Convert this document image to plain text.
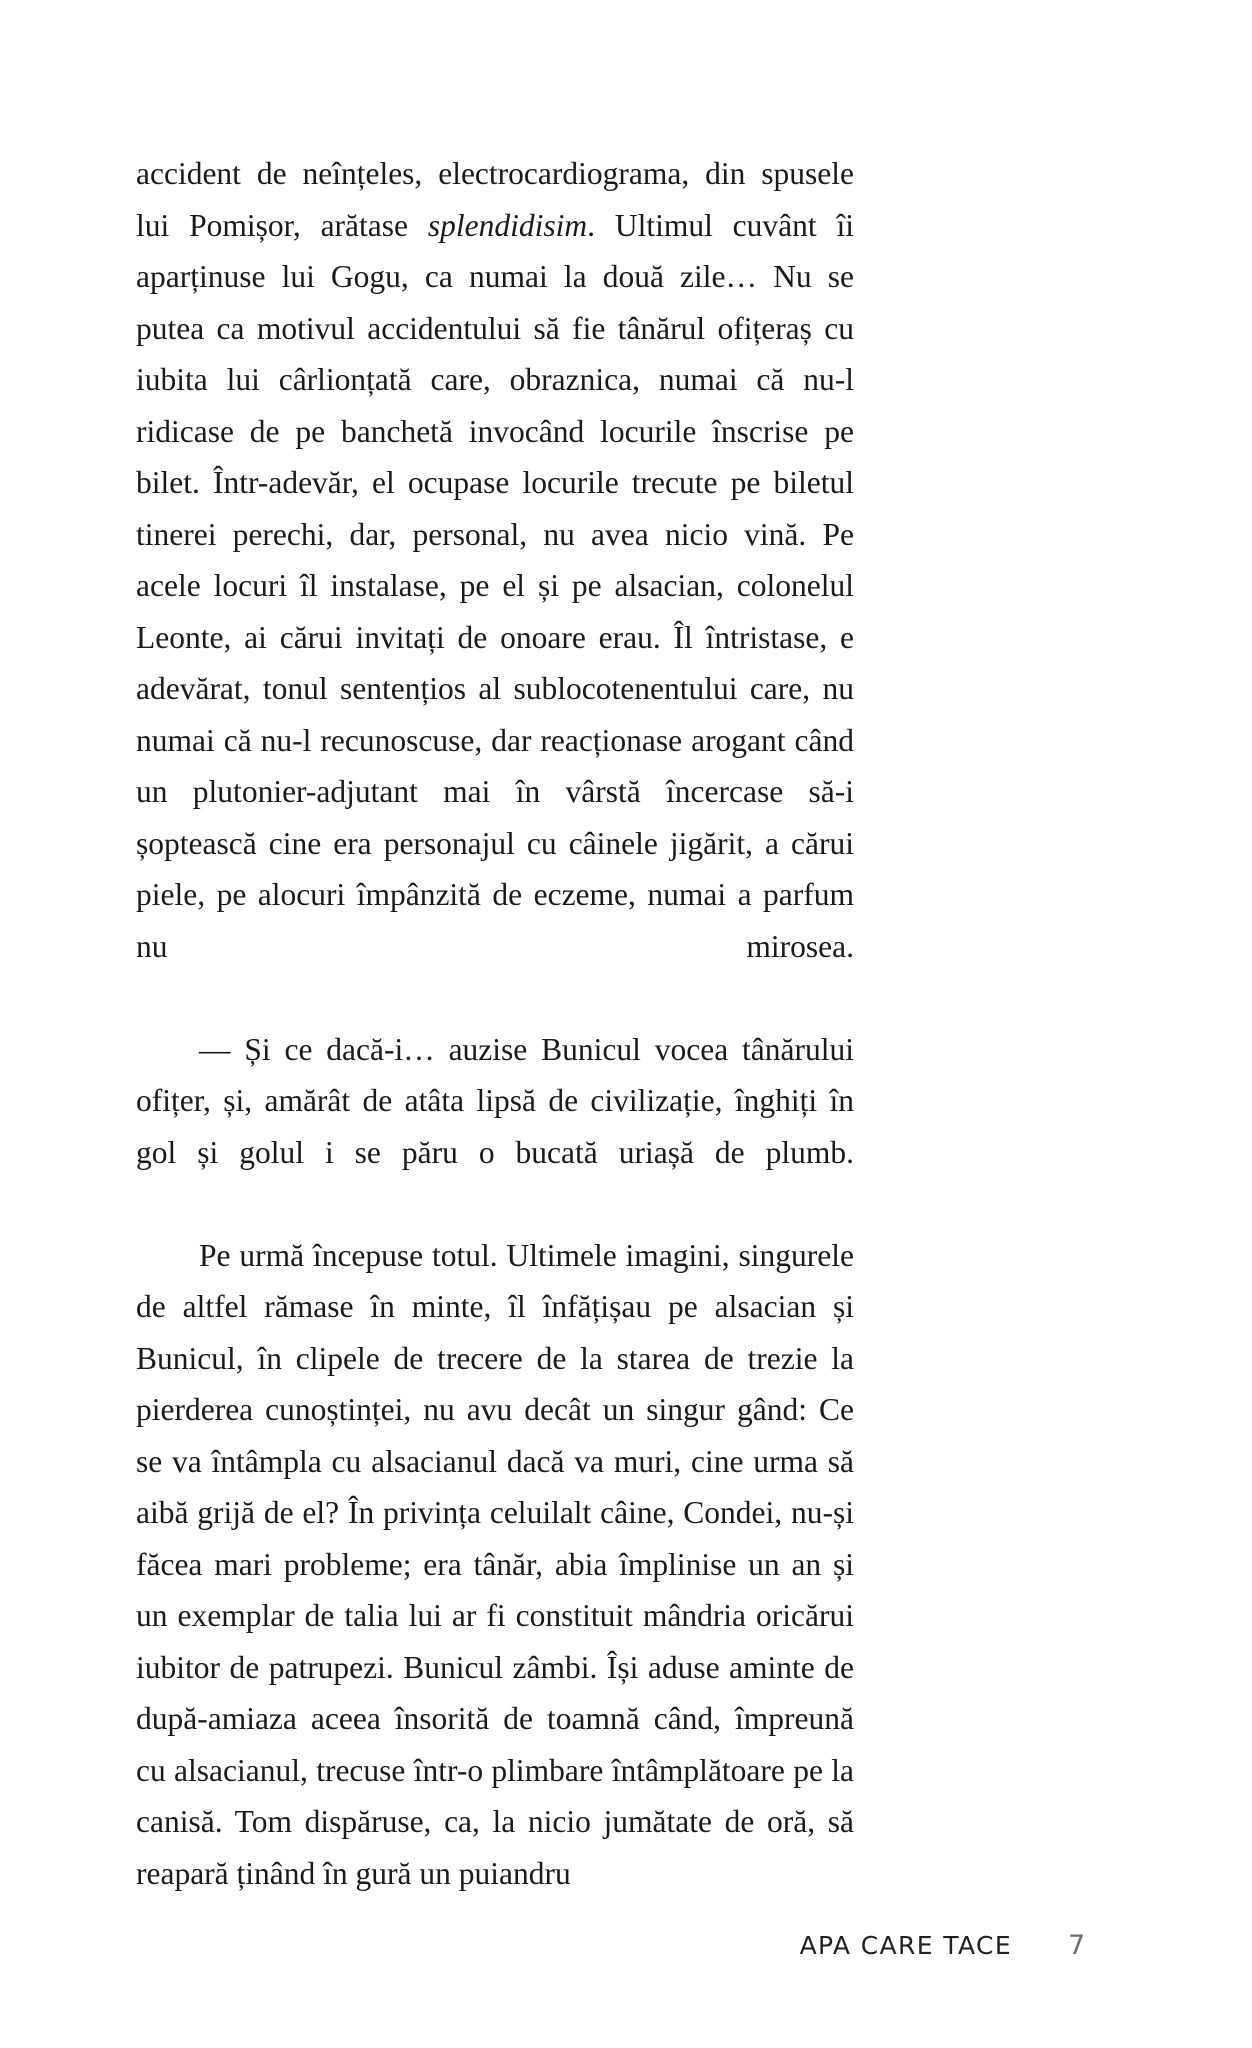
accident de neînțeles, electrocardiograma, din spusele lui Pomișor, arătase splendidisim. Ultimul cuvânt îi aparținuse lui Gogu, ca numai la două zile… Nu se putea ca motivul accidentului să fie tânărul ofițeraș cu iubita lui cârlionțată care, obraznica, numai că nu-l ridicase de pe banchetă invocând locurile înscrise pe bilet. Într-adevăr, el ocupase locurile trecute pe biletul tinerei perechi, dar, personal, nu avea nicio vină. Pe acele locuri îl instalase, pe el și pe alsacian, colonelul Leonte, ai cărui invitați de onoare erau. Îl întristase, e adevărat, tonul sentențios al sublocotenentului care, nu numai că nu-l recunoscuse, dar reacționase arogant când un plutonier-adjutant mai în vârstă încercase să-i șoptească cine era personajul cu câinele jigărit, a cărui piele, pe alocuri împânzită de eczeme, numai a parfum nu mirosea.

— Și ce dacă-i… auzise Bunicul vocea tânărului ofițer, și, amărât de atâta lipsă de civilizație, înghiți în gol și golul i se păru o bucată uriașă de plumb.

Pe urmă începuse totul. Ultimele imagini, singurele de altfel rămase în minte, îl înfățișau pe alsacian și Bunicul, în clipele de trecere de la starea de trezie la pierderea cunoștinței, nu avu decât un singur gând: Ce se va întâmpla cu alsacianul dacă va muri, cine urma să aibă grijă de el? În privința celuilalt câine, Condei, nu-și făcea mari probleme; era tânăr, abia împlinise un an și un exemplar de talia lui ar fi constituit mândria oricărui iubitor de patrupezi. Bunicul zâmbi. Își aduse aminte de după-amiaza aceea însorită de toamnă când, împreună cu alsacianul, trecuse într-o plimbare întâmplătoare pe la canisă. Tom dispăruse, ca, la nicio jumătate de oră, să reapară ținând în gură un puiandru

APA CARE TACE 7
